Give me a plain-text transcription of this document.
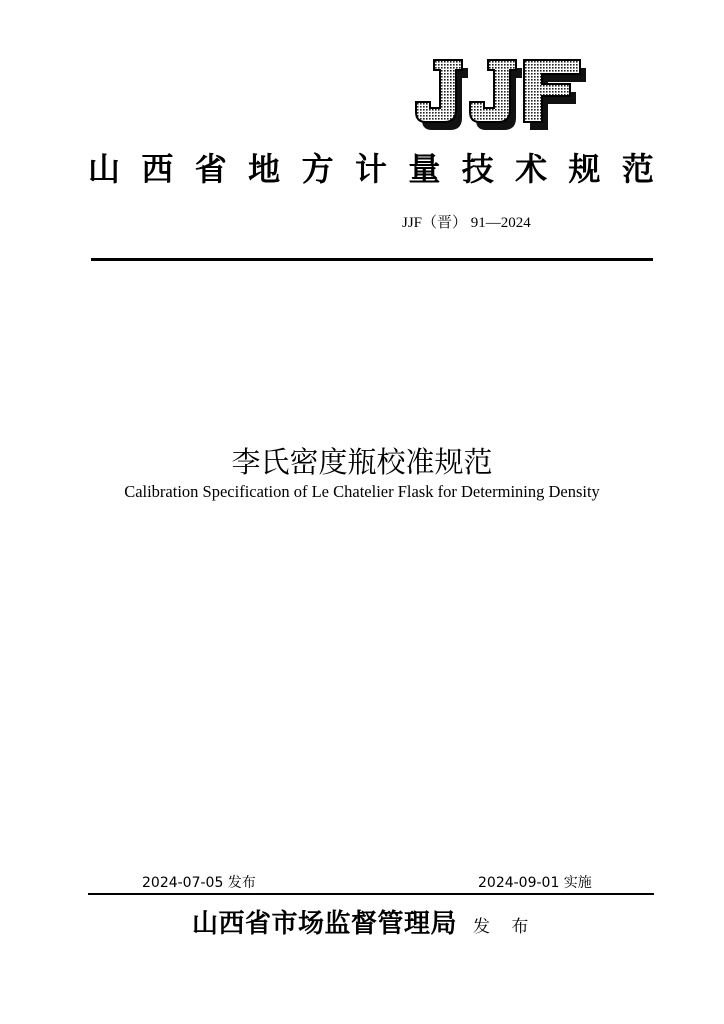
山 西 省 地 方 计 量 技 术 规 范
JJF（晋） 91—2024
李氏密度瓶校准规范
Calibration Specification of Le Chatelier Flask for Determining Density
2024-07-05 发布	2024-09-01 实施
山西省市场监督管理局 发 布
